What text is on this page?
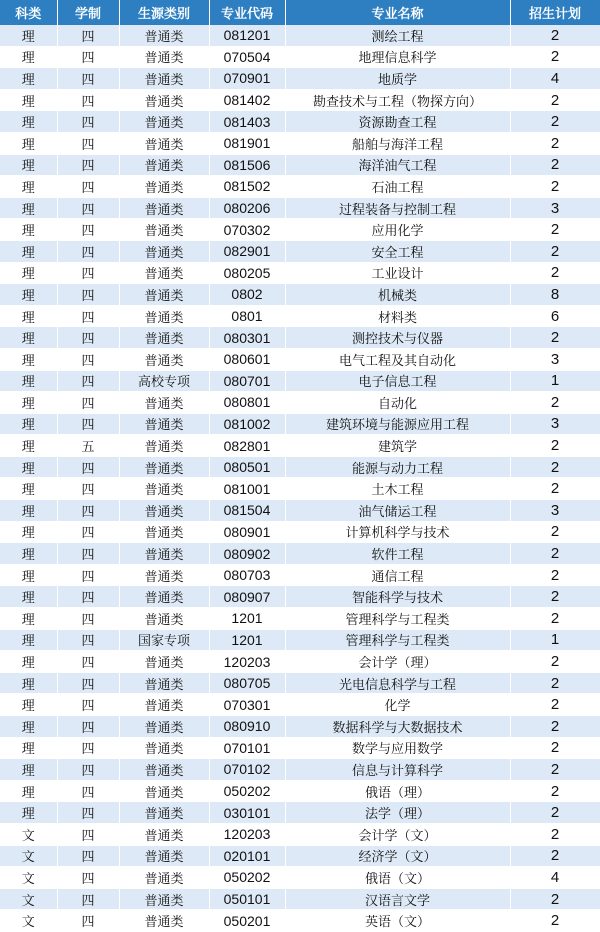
科类	学制	生源类别	专业代码	专业名称	招生计划
理	四	普通类	081201	测绘工程	2
理	四	普通类	070504	地理信息科学	2
理	四	普通类	070901	地质学	4
理	四	普通类	081402	勘查技术与工程（物探方向）	2
理	四	普通类	081403	资源勘查工程	2
理	四	普通类	081901	船舶与海洋工程	2
理	四	普通类	081506	海洋油气工程	2
理	四	普通类	081502	石油工程	2
理	四	普通类	080206	过程装备与控制工程	3
理	四	普通类	070302	应用化学	2
理	四	普通类	082901	安全工程	2
理	四	普通类	080205	工业设计	2
理	四	普通类	0802	机械类	8
理	四	普通类	0801	材料类	6
理	四	普通类	080301	测控技术与仪器	2
理	四	普通类	080601	电气工程及其自动化	3
理	四	高校专项	080701	电子信息工程	1
理	四	普通类	080801	自动化	2
理	四	普通类	081002	建筑环境与能源应用工程	3
理	五	普通类	082801	建筑学	2
理	四	普通类	080501	能源与动力工程	2
理	四	普通类	081001	土木工程	2
理	四	普通类	081504	油气储运工程	3
理	四	普通类	080901	计算机科学与技术	2
理	四	普通类	080902	软件工程	2
理	四	普通类	080703	通信工程	2
理	四	普通类	080907	智能科学与技术	2
理	四	普通类	1201	管理科学与工程类	2
理	四	国家专项	1201	管理科学与工程类	1
理	四	普通类	120203	会计学（理）	2
理	四	普通类	080705	光电信息科学与工程	2
理	四	普通类	070301	化学	2
理	四	普通类	080910	数据科学与大数据技术	2
理	四	普通类	070101	数学与应用数学	2
理	四	普通类	070102	信息与计算科学	2
理	四	普通类	050202	俄语（理）	2
理	四	普通类	030101	法学（理）	2
文	四	普通类	120203	会计学（文）	2
文	四	普通类	020101	经济学（文）	2
文	四	普通类	050202	俄语（文）	4
文	四	普通类	050101	汉语言文学	2
文	四	普通类	050201	英语（文）	2
